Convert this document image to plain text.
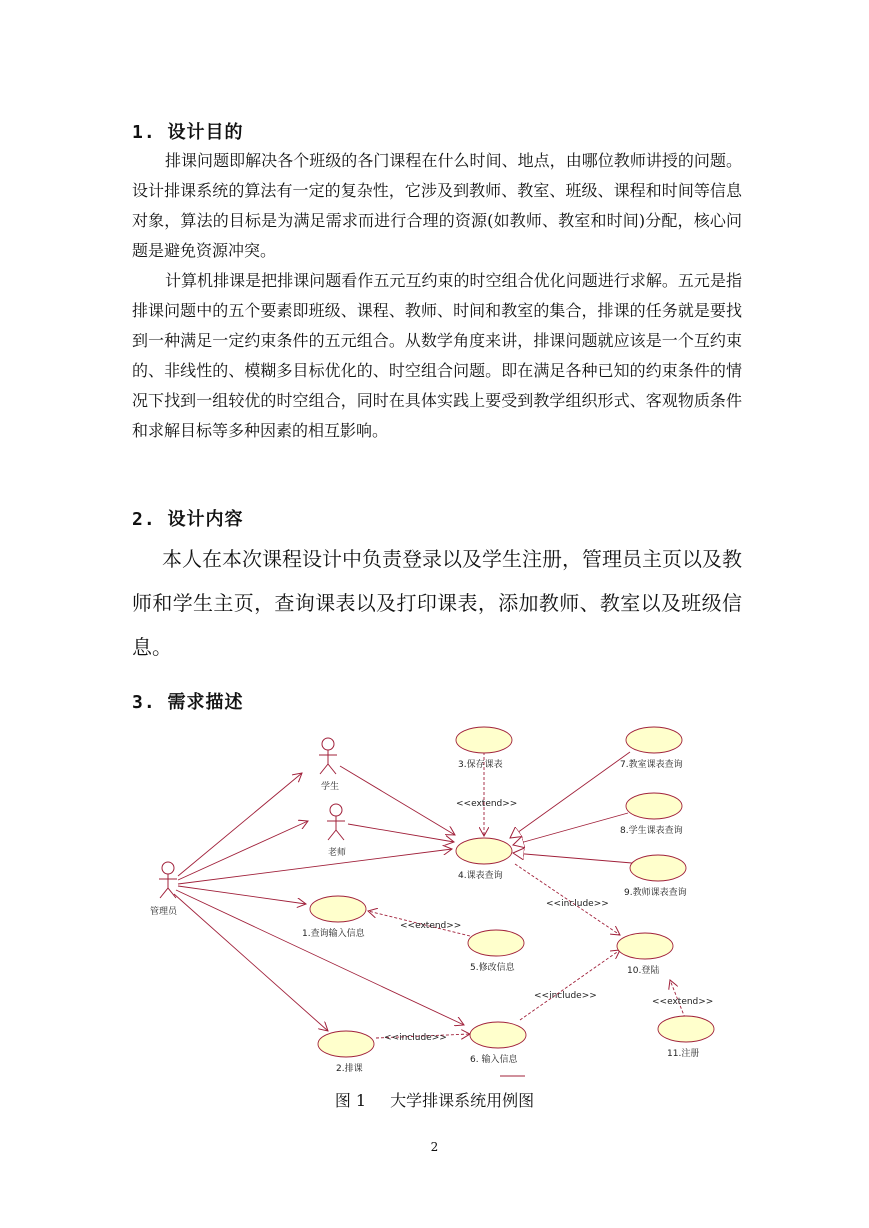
1. 设计目的

排课问题即解决各个班级的各门课程在什么时间、地点，由哪位教师讲授的问题。设计排课系统的算法有一定的复杂性，它涉及到教师、教室、班级、课程和时间等信息对象，算法的目标是为满足需求而进行合理的资源(如教师、教室和时间)分配，核心问题是避免资源冲突。

计算机排课是把排课问题看作五元互约束的时空组合优化问题进行求解。五元是指排课问题中的五个要素即班级、课程、教师、时间和教室的集合，排课的任务就是要找到一种满足一定约束条件的五元组合。从数学角度来讲，排课问题就应该是一个互约束的、非线性的、模糊多目标优化的、时空组合问题。即在满足各种已知的约束条件的情况下找到一组较优的时空组合，同时在具体实践上要受到教学组织形式、客观物质条件和求解目标等多种因素的相互影响。

2. 设计内容

本人在本次课程设计中负责登录以及学生注册，管理员主页以及教师和学生主页，查询课表以及打印课表，添加教师、教室以及班级信息。

3. 需求描述
学生
老师
管理员
3.保存课表	7.教室课表查询
8.学生课表查询
4.课表查询
9.教师课表查询
1.查询输入信息
5.修改信息	10.登陆
6. 输入信息
11.注册
2.排课
<<extend>>
<<include>>
<<extend>>
<<include>>
<<include>>
<<extend>>
图 1 大学排课系统用例图
2
